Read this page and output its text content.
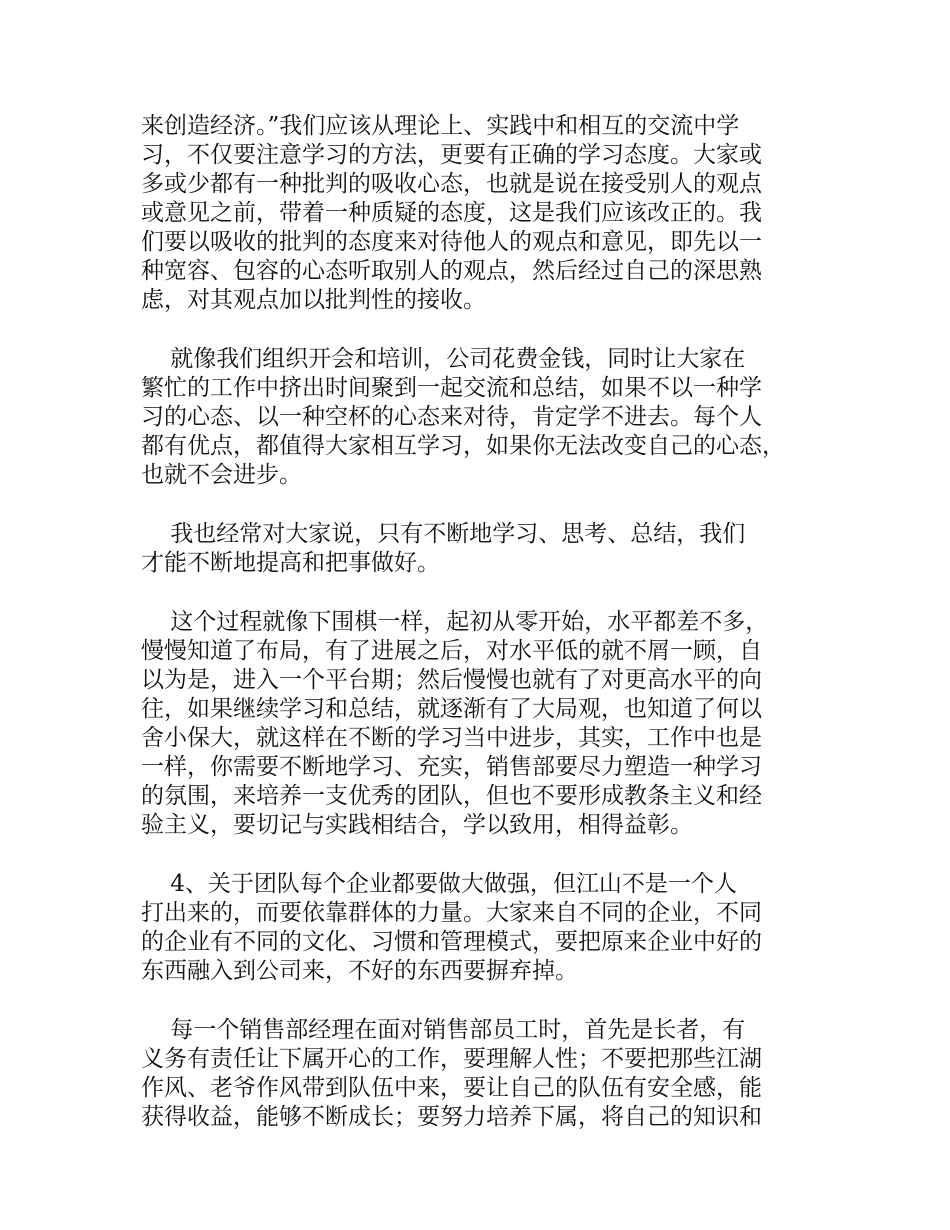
来创造经济。”我们应该从理论上、实践中和相互的交流中学
习，不仅要注意学习的方法，更要有正确的学习态度。大家或
多或少都有一种批判的吸收心态，也就是说在接受别人的观点
或意见之前，带着一种质疑的态度，这是我们应该改正的。我
们要以吸收的批判的态度来对待他人的观点和意见，即先以一
种宽容、包容的心态听取别人的观点，然后经过自己的深思熟
虑，对其观点加以批判性的接收。
就像我们组织开会和培训，公司花费金钱，同时让大家在
繁忙的工作中挤出时间聚到一起交流和总结，如果不以一种学
习的心态、以一种空杯的心态来对待，肯定学不进去。每个人
都有优点，都值得大家相互学习，如果你无法改变自己的心态，
也就不会进步。
我也经常对大家说，只有不断地学习、思考、总结，我们
才能不断地提高和把事做好。
这个过程就像下围棋一样，起初从零开始，水平都差不多，
慢慢知道了布局，有了进展之后，对水平低的就不屑一顾，自
以为是，进入一个平台期；然后慢慢也就有了对更高水平的向
往，如果继续学习和总结，就逐渐有了大局观，也知道了何以
舍小保大，就这样在不断的学习当中进步，其实，工作中也是
一样，你需要不断地学习、充实，销售部要尽力塑造一种学习
的氛围，来培养一支优秀的团队，但也不要形成教条主义和经
验主义，要切记与实践相结合，学以致用，相得益彰。
4、关于团队每个企业都要做大做强，但江山不是一个人
打出来的，而要依靠群体的力量。大家来自不同的企业，不同
的企业有不同的文化、习惯和管理模式，要把原来企业中好的
东西融入到公司来，不好的东西要摒弃掉。
每一个销售部经理在面对销售部员工时，首先是长者，有
义务有责任让下属开心的工作，要理解人性；不要把那些江湖
作风、老爷作风带到队伍中来，要让自己的队伍有安全感，能
获得收益，能够不断成长；要努力培养下属，将自己的知识和
